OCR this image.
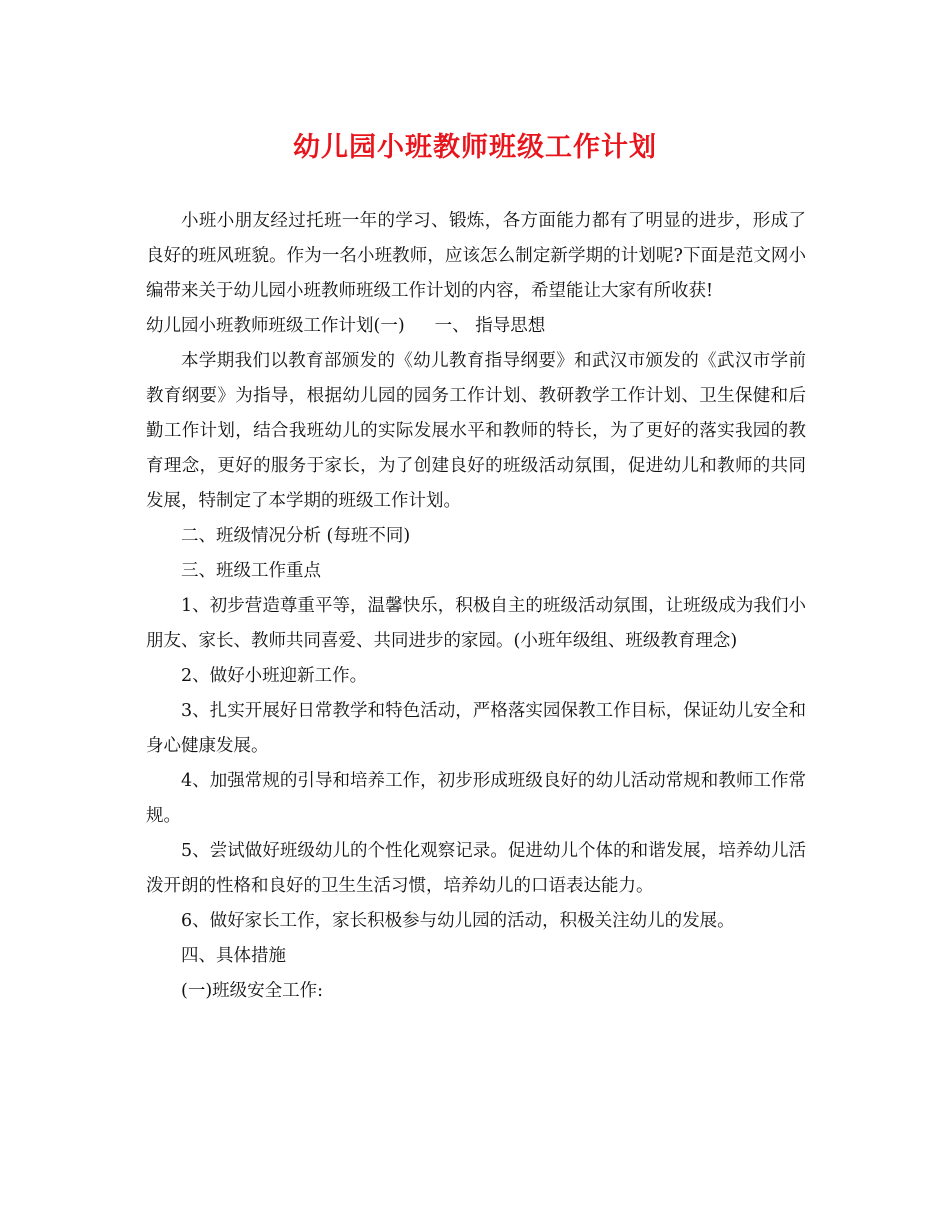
幼儿园小班教师班级工作计划

小班小朋友经过托班一年的学习、锻炼，各方面能力都有了明显的进步，形成了良好的班风班貌。作为一名小班教师，应该怎么制定新学期的计划呢?下面是范文网小编带来关于幼儿园小班教师班级工作计划的内容，希望能让大家有所收获!

幼儿园小班教师班级工作计划(一) 一、 指导思想

本学期我们以教育部颁发的《幼儿教育指导纲要》和武汉市颁发的《武汉市学前教育纲要》为指导，根据幼儿园的园务工作计划、教研教学工作计划、卫生保健和后勤工作计划，结合我班幼儿的实际发展水平和教师的特长，为了更好的落实我园的教育理念，更好的服务于家长，为了创建良好的班级活动氛围，促进幼儿和教师的共同发展，特制定了本学期的班级工作计划。

二、班级情况分析 (每班不同)

三、班级工作重点

1、初步营造尊重平等，温馨快乐，积极自主的班级活动氛围，让班级成为我们小朋友、家长、教师共同喜爱、共同进步的家园。(小班年级组、班级教育理念)

2、做好小班迎新工作。

3、扎实开展好日常教学和特色活动，严格落实园保教工作目标，保证幼儿安全和身心健康发展。

4、加强常规的引导和培养工作，初步形成班级良好的幼儿活动常规和教师工作常规。

5、尝试做好班级幼儿的个性化观察记录。促进幼儿个体的和谐发展，培养幼儿活泼开朗的性格和良好的卫生生活习惯，培养幼儿的口语表达能力。

6、做好家长工作，家长积极参与幼儿园的活动，积极关注幼儿的发展。

四、具体措施

(一)班级安全工作:
